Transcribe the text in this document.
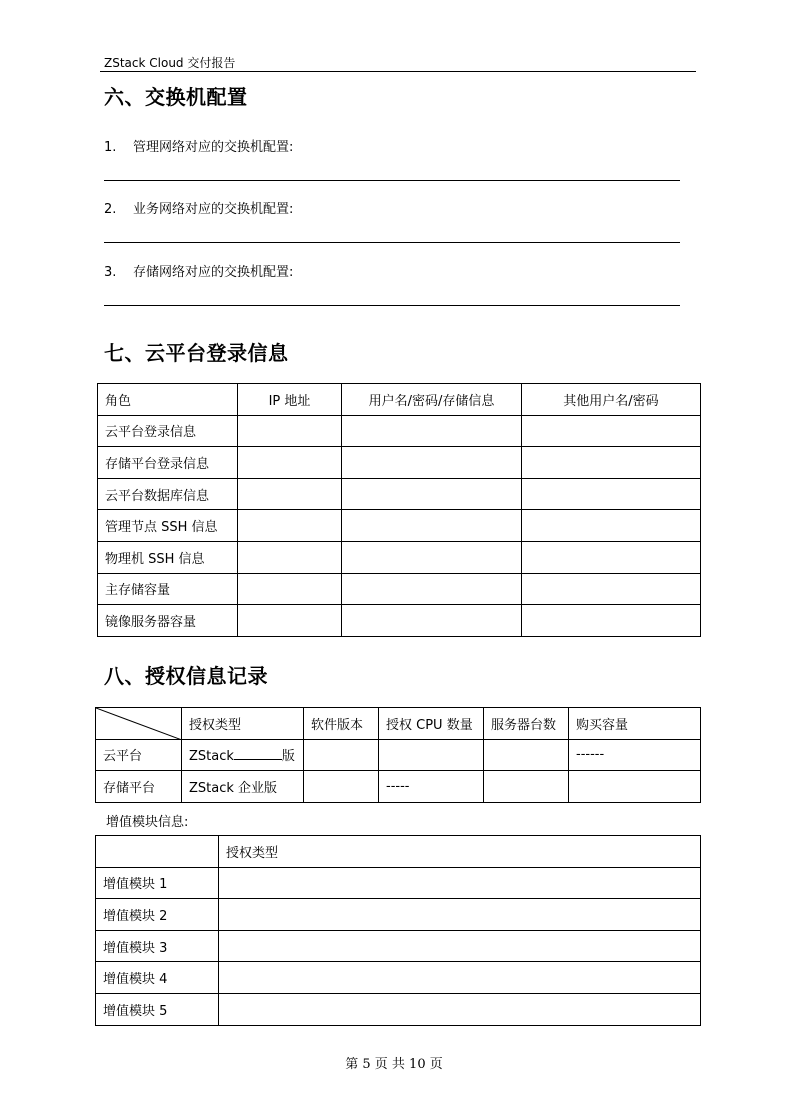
ZStack Cloud 交付报告
六、交换机配置
1. 管理网络对应的交换机配置:
2. 业务网络对应的交换机配置:
3. 存储网络对应的交换机配置:
七、云平台登录信息
角色	IP 地址	用户名/密码/存储信息	其他用户名/密码
云平台登录信息			
存储平台登录信息			
云平台数据库信息			
管理节点 SSH 信息			
物理机 SSH 信息			
主存储容量			
镜像服务器容量			
八、授权信息记录
	授权类型	软件版本	授权 CPU 数量	服务器台数	购买容量
云平台	ZStack 版				------
存储平台	ZStack 企业版		-----		
增值模块信息:
	授权类型
增值模块 1	
增值模块 2	
增值模块 3	
增值模块 4	
增值模块 5	
第 5 页 共 10 页
